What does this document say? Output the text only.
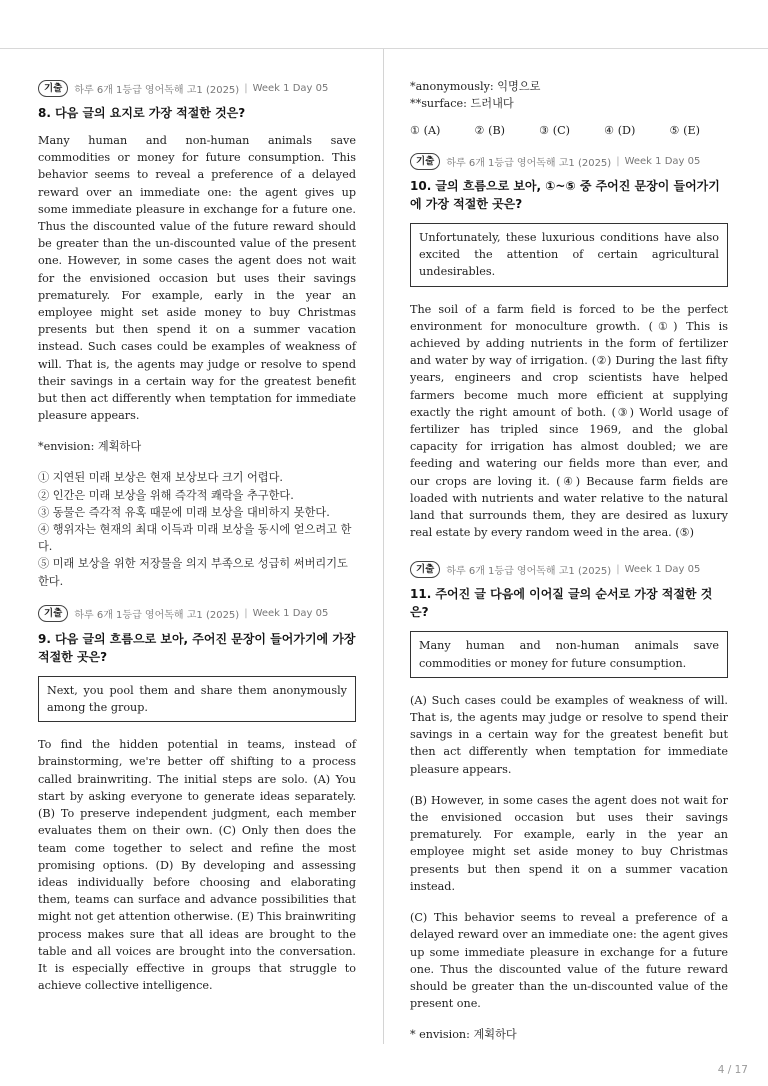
기출	하루 6개 1등급 영어독해 고1 (2025) | Week 1 Day 05

8. 다음 글의 요지로 가장 적절한 것은?

Many human and non-human animals save commodities or money for future consumption. This behavior seems to reveal a preference of a delayed reward over an immediate one: the agent gives up some immediate pleasure in exchange for a future one. Thus the discounted value of the future reward should be greater than the un-discounted value of the present one. However, in some cases the agent does not wait for the envisioned occasion but uses their savings prematurely. For example, early in the year an employee might set aside money to buy Christmas presents but then spend it on a summer vacation instead. Such cases could be examples of weakness of will. That is, the agents may judge or resolve to spend their savings in a certain way for the greatest benefit but then act differently when temptation for immediate pleasure appears.

*envision: 계획하다

① 지연된 미래 보상은 현재 보상보다 크기 어렵다.
② 인간은 미래 보상을 위해 즉각적 쾌락을 추구한다.
③ 동물은 즉각적 유혹 때문에 미래 보상을 대비하지 못한다.
④ 행위자는 현재의 최대 이득과 미래 보상을 동시에 얻으려고 한다.
⑤ 미래 보상을 위한 저장물을 의지 부족으로 성급히 써버리기도 한다.
기출	하루 6개 1등급 영어독해 고1 (2025) | Week 1 Day 05

9. 다음 글의 흐름으로 보아, 주어진 문장이 들어가기에 가장 적절한 곳은?

Next, you pool them and share them anonymously among the group.

To find the hidden potential in teams, instead of brainstorming, we're better off shifting to a process called brainwriting. The initial steps are solo. (A) You start by asking everyone to generate ideas separately. (B) To preserve independent judgment, each member evaluates them on their own. (C) Only then does the team come together to select and refine the most promising options. (D) By developing and assessing ideas individually before choosing and elaborating them, teams can surface and advance possibilities that might not get attention otherwise. (E) This brainwriting process makes sure that all ideas are brought to the table and all voices are brought into the conversation. It is especially effective in groups that struggle to achieve collective intelligence.

*anonymously: 익명으로
**surface: 드러내다
① (A)	② (B)	③ (C)	④ (D)	⑤ (E)
기출	하루 6개 1등급 영어독해 고1 (2025) | Week 1 Day 05

10. 글의 흐름으로 보아, ①~⑤ 중 주어진 문장이 들어가기에 가장 적절한 곳은?

Unfortunately, these luxurious conditions have also excited the attention of certain agricultural undesirables.

The soil of a farm field is forced to be the perfect environment for monoculture growth. (①) This is achieved by adding nutrients in the form of fertilizer and water by way of irrigation. (②) During the last fifty years, engineers and crop scientists have helped farmers become much more efficient at supplying exactly the right amount of both. (③) World usage of fertilizer has tripled since 1969, and the global capacity for irrigation has almost doubled; we are feeding and watering our fields more than ever, and our crops are loving it. (④) Because farm fields are loaded with nutrients and water relative to the natural land that surrounds them, they are desired as luxury real estate by every random weed in the area. (⑤)

기출	하루 6개 1등급 영어독해 고1 (2025) | Week 1 Day 05

11. 주어진 글 다음에 이어질 글의 순서로 가장 적절한 것은?

Many human and non-human animals save commodities or money for future consumption.

(A) Such cases could be examples of weakness of will. That is, the agents may judge or resolve to spend their savings in a certain way for the greatest benefit but then act differently when temptation for immediate pleasure appears.

(B) However, in some cases the agent does not wait for the envisioned occasion but uses their savings prematurely. For example, early in the year an employee might set aside money to buy Christmas presents but then spend it on a summer vacation instead.

(C) This behavior seems to reveal a preference of a delayed reward over an immediate one: the agent gives up some immediate pleasure in exchange for a future one. Thus the discounted value of the future reward should be greater than the un-discounted value of the present one.

* envision: 계획하다

4 / 17
